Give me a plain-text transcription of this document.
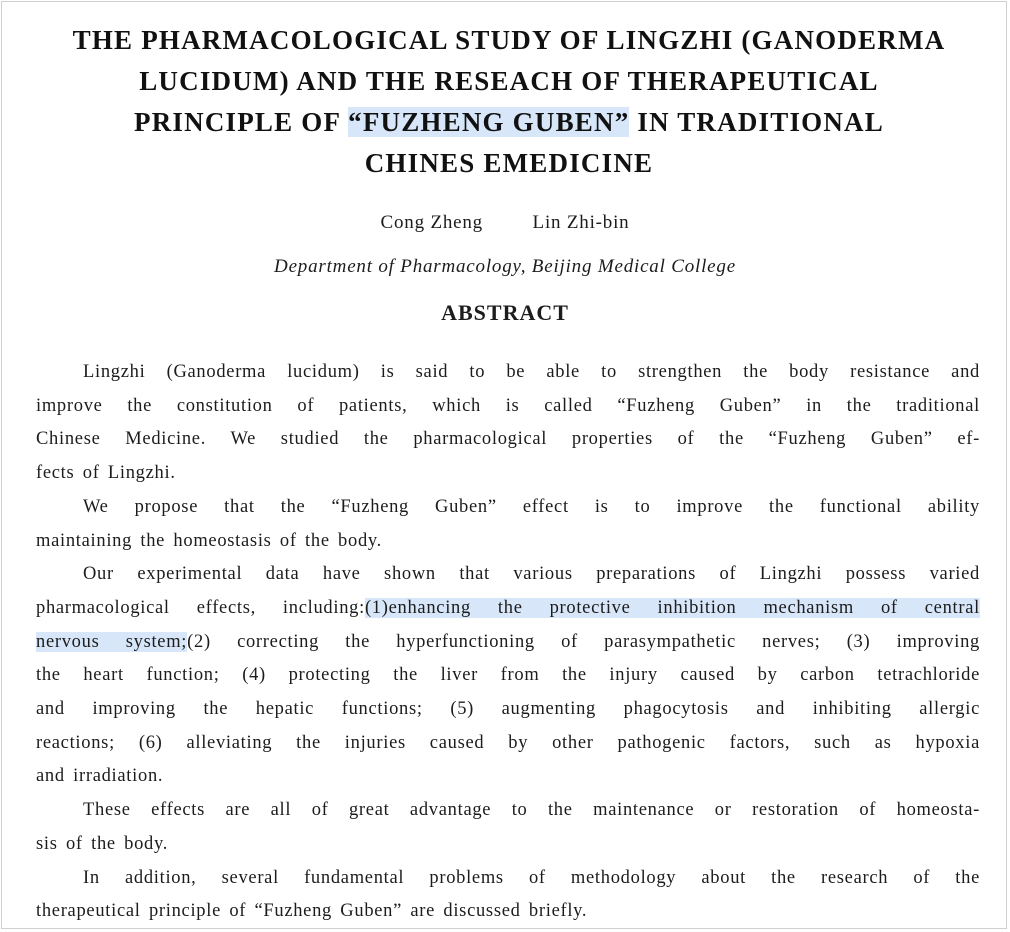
THE PHARMACOLOGICAL STUDY OF LINGZHI (GANODERMA
LUCIDUM) AND THE RESEACH OF THERAPEUTICAL
PRINCIPLE OF “FUZHENG GUBEN” IN TRADITIONAL
CHINES EMEDICINE
Cong Zheng	Lin Zhi-bin
Department of Pharmacology, Beijing Medical College
ABSTRACT

Lingzhi (Ganoderma lucidum) is said to be able to strengthen the body resistance and
improve the constitution of patients, which is called “Fuzheng Guben” in the traditional
Chinese Medicine. We studied the pharmacological properties of the “Fuzheng Guben” ef-
fects of Lingzhi.

We propose that the “Fuzheng Guben” effect is to improve the functional ability
maintaining the homeostasis of the body.

Our experimental data have shown that various preparations of Lingzhi possess varied
pharmacological effects, including:(1)enhancing the protective inhibition mechanism of central
nervous system;(2) correcting the hyperfunctioning of parasympathetic nerves; (3) improving
the heart function; (4) protecting the liver from the injury caused by carbon tetrachloride
and improving the hepatic functions; (5) augmenting phagocytosis and inhibiting allergic
reactions; (6) alleviating the injuries caused by other pathogenic factors, such as hypoxia
and irradiation.

These effects are all of great advantage to the maintenance or restoration of homeosta-
sis of the body.

In addition, several fundamental problems of methodology about the research of the
therapeutical principle of “Fuzheng Guben” are discussed briefly.
